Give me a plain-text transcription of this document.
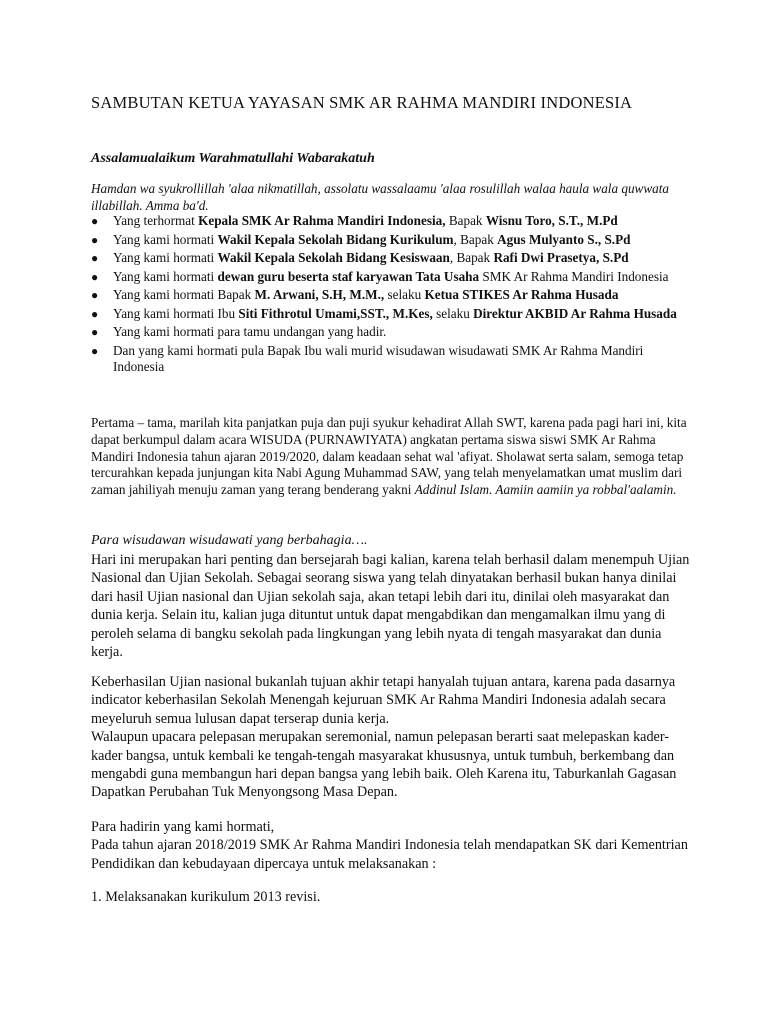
SAMBUTAN KETUA YAYASAN SMK AR RAHMA MANDIRI INDONESIA

Assalamualaikum Warahmatullahi Wabarakatuh

Hamdan wa syukrollillah 'alaa nikmatillah, assolatu wassalaamu 'alaa rosulillah walaa haula wala quwwata illabillah. Amma ba'd.

● Yang terhormat Kepala SMK Ar Rahma Mandiri Indonesia, Bapak Wisnu Toro, S.T., M.Pd
● Yang kami hormati Wakil Kepala Sekolah Bidang Kurikulum, Bapak Agus Mulyanto S., S.Pd
● Yang kami hormati Wakil Kepala Sekolah Bidang Kesiswaan, Bapak Rafi Dwi Prasetya, S.Pd
● Yang kami hormati dewan guru beserta staf karyawan Tata Usaha SMK Ar Rahma Mandiri Indonesia
● Yang kami hormati Bapak M. Arwani, S.H, M.M., selaku Ketua STIKES Ar Rahma Husada
● Yang kami hormati Ibu Siti Fithrotul Umami,SST., M.Kes, selaku Direktur AKBID Ar Rahma Husada
● Yang kami hormati para tamu undangan yang hadir.
● Dan yang kami hormati pula Bapak Ibu wali murid wisudawan wisudawati SMK Ar Rahma Mandiri Indonesia

Pertama – tama, marilah kita panjatkan puja dan puji syukur kehadirat Allah SWT, karena pada pagi hari ini, kita dapat berkumpul dalam acara WISUDA (PURNAWIYATA) angkatan pertama siswa siswi SMK Ar Rahma Mandiri Indonesia tahun ajaran 2019/2020, dalam keadaan sehat wal 'afiyat. Sholawat serta salam, semoga tetap tercurahkan kepada junjungan kita Nabi Agung Muhammad SAW, yang telah menyelamatkan umat muslim dari zaman jahiliyah menuju zaman yang terang benderang yakni Addinul Islam. Aamiin aamiin ya robbal'aalamin.

Para wisudawan wisudawati yang berbahagia….

Hari ini merupakan hari penting dan bersejarah bagi kalian, karena telah berhasil dalam menempuh Ujian Nasional dan Ujian Sekolah. Sebagai seorang siswa yang telah dinyatakan berhasil bukan hanya dinilai dari hasil Ujian nasional dan Ujian sekolah saja, akan tetapi lebih dari itu, dinilai oleh masyarakat dan dunia kerja. Selain itu, kalian juga dituntut untuk dapat mengabdikan dan mengamalkan ilmu yang di peroleh selama di bangku sekolah pada lingkungan yang lebih nyata di tengah masyarakat dan dunia kerja.

Keberhasilan Ujian nasional bukanlah tujuan akhir tetapi hanyalah tujuan antara, karena pada dasarnya indicator keberhasilan Sekolah Menengah kejuruan SMK Ar Rahma Mandiri Indonesia adalah secara meyeluruh semua lulusan dapat terserap dunia kerja.
Walaupun upacara pelepasan merupakan seremonial, namun pelepasan berarti saat melepaskan kader-kader bangsa, untuk kembali ke tengah-tengah masyarakat khususnya, untuk tumbuh, berkembang dan mengabdi guna membangun hari depan bangsa yang lebih baik. Oleh Karena itu, Taburkanlah Gagasan Dapatkan Perubahan Tuk Menyongsong Masa Depan.
Para hadirin yang kami hormati,
Pada tahun ajaran 2018/2019 SMK Ar Rahma Mandiri Indonesia telah mendapatkan SK dari Kementrian Pendidikan dan kebudayaan dipercaya untuk melaksanakan :

1. Melaksanakan kurikulum 2013 revisi.
